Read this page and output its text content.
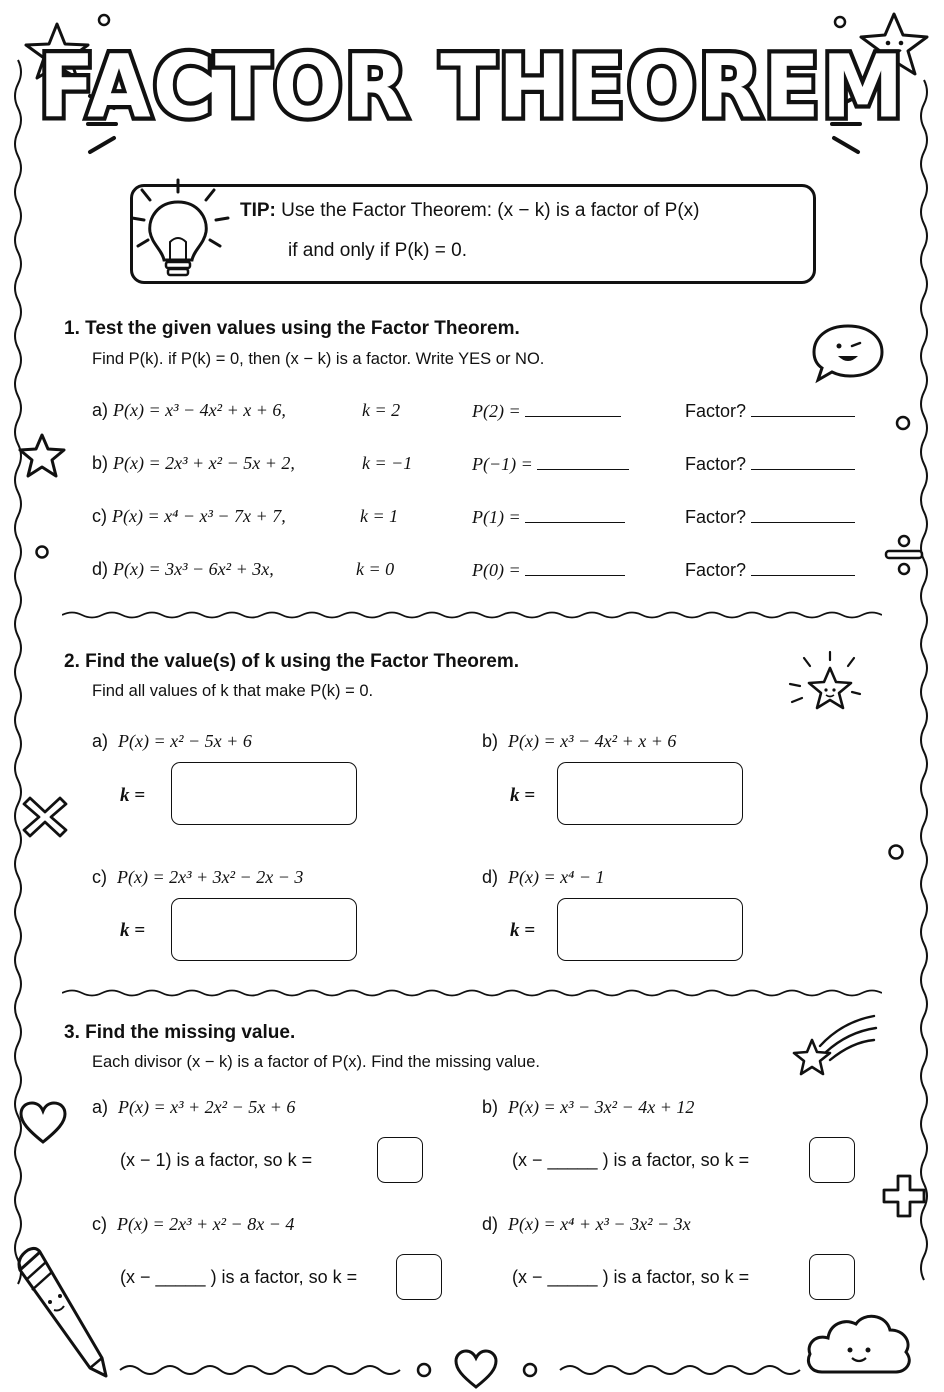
FACTOR THEOREM
TIP: Use the Factor Theorem: (x − k) is a factor of P(x)
if and only if P(k) = 0.
1. Test the given values using the Factor Theorem.
Find P(k). if P(k) = 0, then (x − k) is a factor. Write YES or NO.
a) P(x) = x³ − 4x² + x + 6,	k = 2	P(2) =	Factor?
b) P(x) = 2x³ + x² − 5x + 2,	k = −1	P(−1) =	Factor?
c) P(x) = x⁴ − x³ − 7x + 7,	k = 1	P(1) =	Factor?
d) P(x) = 3x³ − 6x² + 3x,	k = 0	P(0) =	Factor?
2. Find the value(s) of k using the Factor Theorem.
Find all values of k that make P(k) = 0.
a) P(x) = x² − 5x + 6
k =
b) P(x) = x³ − 4x² + x + 6
k =
c) P(x) = 2x³ + 3x² − 2x − 3
k =
d) P(x) = x⁴ − 1
k =
3. Find the missing value.
Each divisor (x − k) is a factor of P(x). Find the missing value.
a) P(x) = x³ + 2x² − 5x + 6
(x − 1) is a factor, so k =
b) P(x) = x³ − 3x² − 4x + 12
(x − _____ ) is a factor, so k =
c) P(x) = 2x³ + x² − 8x − 4
(x − _____ ) is a factor, so k =
d) P(x) = x⁴ + x³ − 3x² − 3x
(x − _____ ) is a factor, so k =
